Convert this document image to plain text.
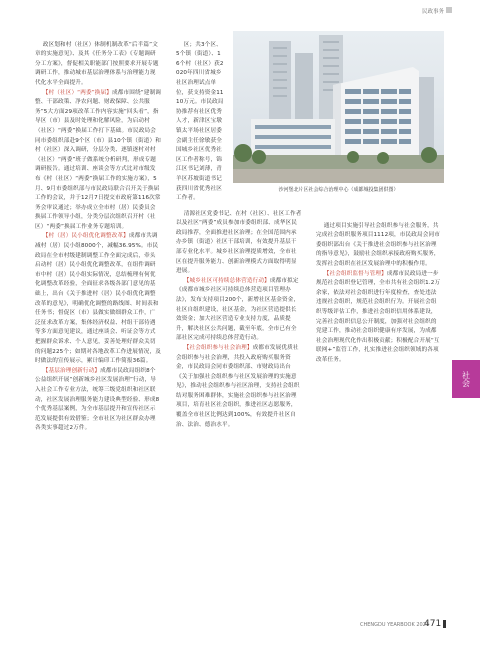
民政事务

政区划和村（社区）体制机制改革“后半篇”文章的实施意见》、及其《任务分工表》《专题调研分工方案》，督促相关职能部门按照要求开展专题调研工作，推动城市基层治理体系与治理能力现代化水平全面提升。
【村（社区）“两委”换届】成都市围绕“建制调整、干部政策、净农问题、财政保障、公共服务”5大方面29项改革工作内容实施“回头看”，指导区（市）县及时处理和化解风险，为启动村（社区）“两委”换届工作打下基础。市民政局会同市委组织部赴9个区（市）县10个镇（街道）和村（社区）深入调研，分层分类、逐镇逐村对村（社区）“两委”班子做系统分析研判，形成专题调研报告。通过培训、座谈会等方式比对市级发布《村（社区）“两委”换届工作的实施方案》，5月、9月市委组织部与市民政局联合召开关于换届工作的会议，并于12月7日提交市政府第116次常务会审议通过；举办成立全市村（居）民委员会换届工作领导小组，分类分层次组织召开村（社区）“两委”换届工作业务专题培训。
【村（居）民小组优化调整改革】成都市共调减村（居）民小组8000个，减幅36.95%。市民政局在全市村级建制调整工作全面完成后，牵头启动村（居）民小组优化调整改革，在组件调研市中村（居）民小组实际情况，总结梳理有何优化调整改革经验，全面征求各级各部门意见的基础上，出台《关于推进村（居）民小组优化调整改革的意见》，明确优化调整的路线图、时间表和任务书；督促区（市）县做实做细群众工作，广泛征求改革方案，集体经济权益、村组干部待遇等多方面意见建议，通过座谈会、听证会等方式把握群众诉求、个人意见，妥善处理好群众关切的问题225个；如期对各地改革工作进展情况，及时做法的宣传展示，累计编印工作简报36篇。
【基层治理创新行动】成都市民政局组织8个公益组织开展“创新城乡社区发展治理”行动，导入社会工作专业方法，统筹三级党组织和社区联动，社区发展治理服务能力建设典型经验、形成8个优秀基层案例，为全市基层提升和宣传社区示范发展提供有效借鉴；全市社区为社区群众办理各类实事超过2万件。

区；共3个区、5个镇（街道）、16个村（社区）获2020年四川省城乡社区治理试点单位，获支持资金1110万元。市民政局协推荐有社区优秀人才，新津区宝墩镇太平场社区居委会副主任徐敏获全国城乡社区优秀社区工作者称号，锦江区书记刘薄，青羊区苏坡街道书记获四川省优秀社区工作者。

沙河堡北片区社会综合治理中心（成都城投集团供图）

清源社区党委书记、在村（社区）、社区工作者以及社区“两委”成员参加市委组织部、成华区民政局推荐，全面推进社区治理；在全国范围内承办乡镇（街道）社区干部培训，有效提升基层干部专业化水平。城乡社区治理提质增效，全市社区在提升服务能力、创新治理模式方面取得明显进展。
【城乡社区可持续总体营造行动】成都市拟定《成都市城乡社区可持续总体营造项目管理办法》，发布支持项目200个，新增社区基金资金，社区自组织建设，社区基金，为社区营造提供长效资金；加大社区营造专业支持力度，品质提升，解决社区公共问题，截至年底，全市已有全部社区完成可持续总体营造行动。
【社会组织参与社会治理】成都市发展优质社会组织参与社会治理，共投入政府购买服务资金，市民政局会同市委组织部、市财政局出台《关于加强社会组织参与社区发展治理的实施意见》，推动社会组织参与社区治理，支持社会组织结对服务困难群体，实施社会组织参与社区治理项目，培育社区社会组织，推进社区志愿服务，覆盖全市社区比例达到100%，有效提升社区自治、法治、德治水平。

通过项目实施引导社会组织参与社会服务，共完成社会组织服务项目1112项，市民政局会同市委组织部出台《关于推进社会组织参与社区治理的指导意见》，鼓励社会组织承接政府购买服务，发挥社会组织在社区发展治理中的积极作用。
【社会组织监督与管理】成都市民政局进一步规范社会组织登记管理，全市共有社会组织1.2万余家，依法对社会组织进行年度检查，查处违法违规社会组织，规范社会组织行为。开展社会组织等级评估工作，推进社会组织信用体系建设，完善社会组织信息公开制度，加强对社会组织的党建工作，推动社会组织健康有序发展，为成都社会治理现代化作出积极贡献；积极配合开展“互联网+”监管工作，扎实推进社会组织领域的各项改革任务。

社会
CHENGDU YEARBOOK 2021
471
